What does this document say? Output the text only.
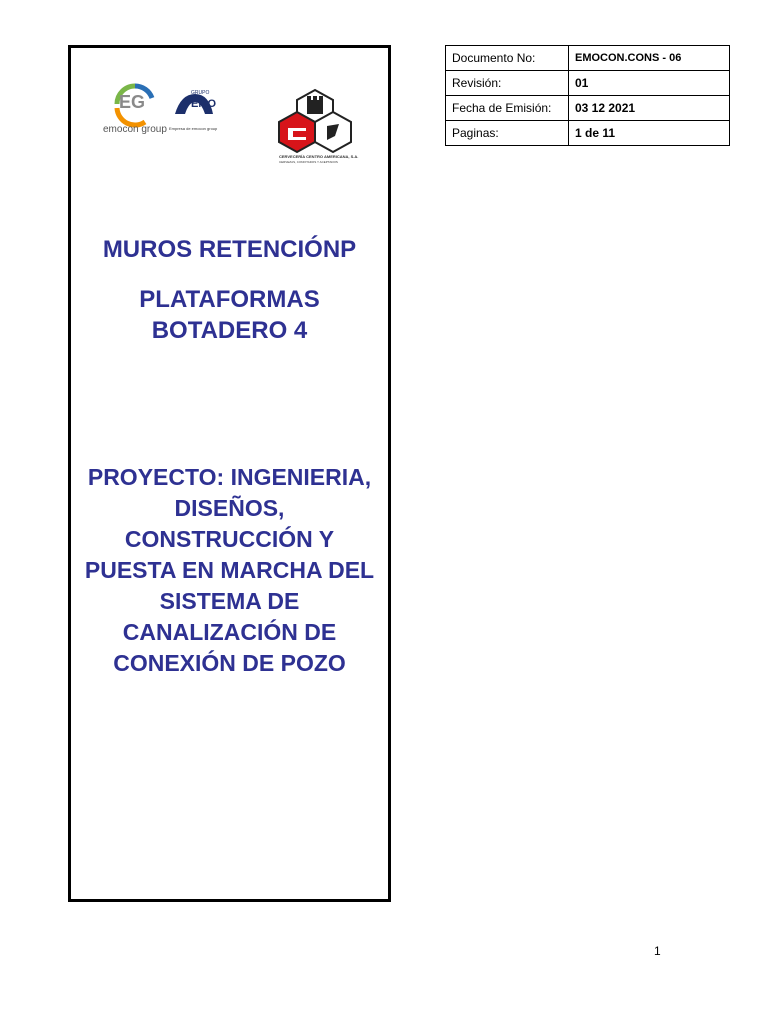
EG
emocon group
GRUPO
EMO
Empresa de emocon group
CERVECERÍA CENTRO AMERICANA, S.A.
CERVEZAS, CONFITADOS Y ACEPTADOS
MUROS RETENCIÓNP
PLATAFORMAS
BOTADERO 4
PROYECTO: INGENIERIA,
DISEÑOS,
CONSTRUCCIÓN Y
PUESTA EN MARCHA DEL
SISTEMA DE
CANALIZACIÓN DE
CONEXIÓN DE POZO
Documento No:	EMOCON.CONS - 06
Revisión:	01
Fecha de Emisión:	03 12 2021
Paginas:	1 de 11
1
